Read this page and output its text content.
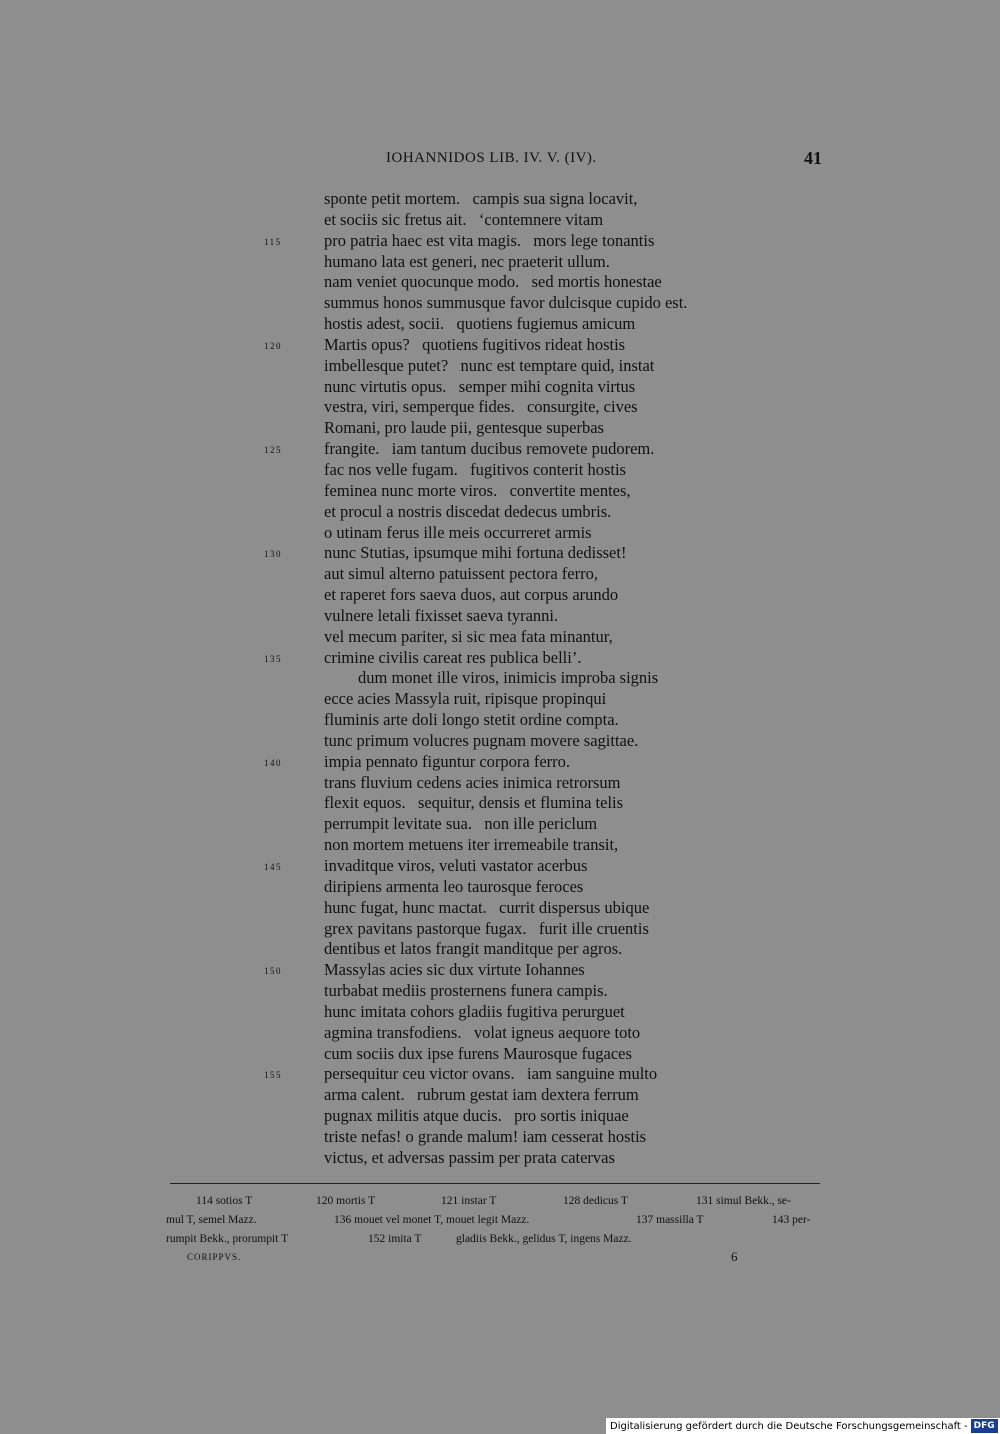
IOHANNIDOS LIB. IV. V. (IV).	41
sponte petit mortem.   campis sua signa locavit,
et sociis sic fretus ait.   ‘contemnere vitam
115	pro patria haec est vita magis.   mors lege tonantis
humano lata est generi, nec praeterit ullum.
nam veniet quocunque modo.   sed mortis honestae
summus honos summusque favor dulcisque cupido est.
hostis adest, socii.   quotiens fugiemus amicum
120	Martis opus?   quotiens fugitivos rideat hostis
imbellesque putet?   nunc est temptare quid, instat
nunc virtutis opus.   semper mihi cognita virtus
vestra, viri, semperque fides.   consurgite, cives
Romani, pro laude pii, gentesque superbas
125	frangite.   iam tantum ducibus removete pudorem.
fac nos velle fugam.   fugitivos conterit hostis
feminea nunc morte viros.   convertite mentes,
et procul a nostris discedat dedecus umbris.
o utinam ferus ille meis occurreret armis
130	nunc Stutias, ipsumque mihi fortuna dedisset!
aut simul alterno patuissent pectora ferro,
et raperet fors saeva duos, aut corpus arundo
vulnere letali fixisset saeva tyranni.
vel mecum pariter, si sic mea fata minantur,
135	crimine civilis careat res publica belli’.
dum monet ille viros, inimicis improba signis
ecce acies Massyla ruit, ripisque propinqui
fluminis arte doli longo stetit ordine compta.
tunc primum volucres pugnam movere sagittae.
140	impia pennato figuntur corpora ferro.
trans fluvium cedens acies inimica retrorsum
flexit equos.   sequitur, densis et flumina telis
perrumpit levitate sua.   non ille periclum
non mortem metuens iter irremeabile transit,
145	invaditque viros, veluti vastator acerbus
diripiens armenta leo taurosque feroces
hunc fugat, hunc mactat.   currit dispersus ubique
grex pavitans pastorque fugax.   furit ille cruentis
dentibus et latos frangit manditque per agros.
150	Massylas acies sic dux virtute Iohannes
turbabat mediis prosternens funera campis.
hunc imitata cohors gladiis fugitiva perurguet
agmina transfodiens.   volat igneus aequore toto
cum sociis dux ipse furens Maurosque fugaces
155	persequitur ceu victor ovans.   iam sanguine multo
arma calent.   rubrum gestat iam dextera ferrum
pugnax militis atque ducis.   pro sortis iniquae
triste nefas! o grande malum! iam cesserat hostis
victus, et adversas passim per prata catervas
114 sotios T	120 mortis T	121 instar T	128 dedicus T	131 simul Bekk., se-
mul T, semel Mazz.	136 mouet vel monet T, mouet legit Mazz.	137 massilla T	143 per-
rumpit Bekk., prorumpit T	152 imita T	gladiis Bekk., gelidus T, ingens Mazz.
CORIPPVS.	6
Digitalisierung gefördert durch die Deutsche Forschungsgemeinschaft - DFG
